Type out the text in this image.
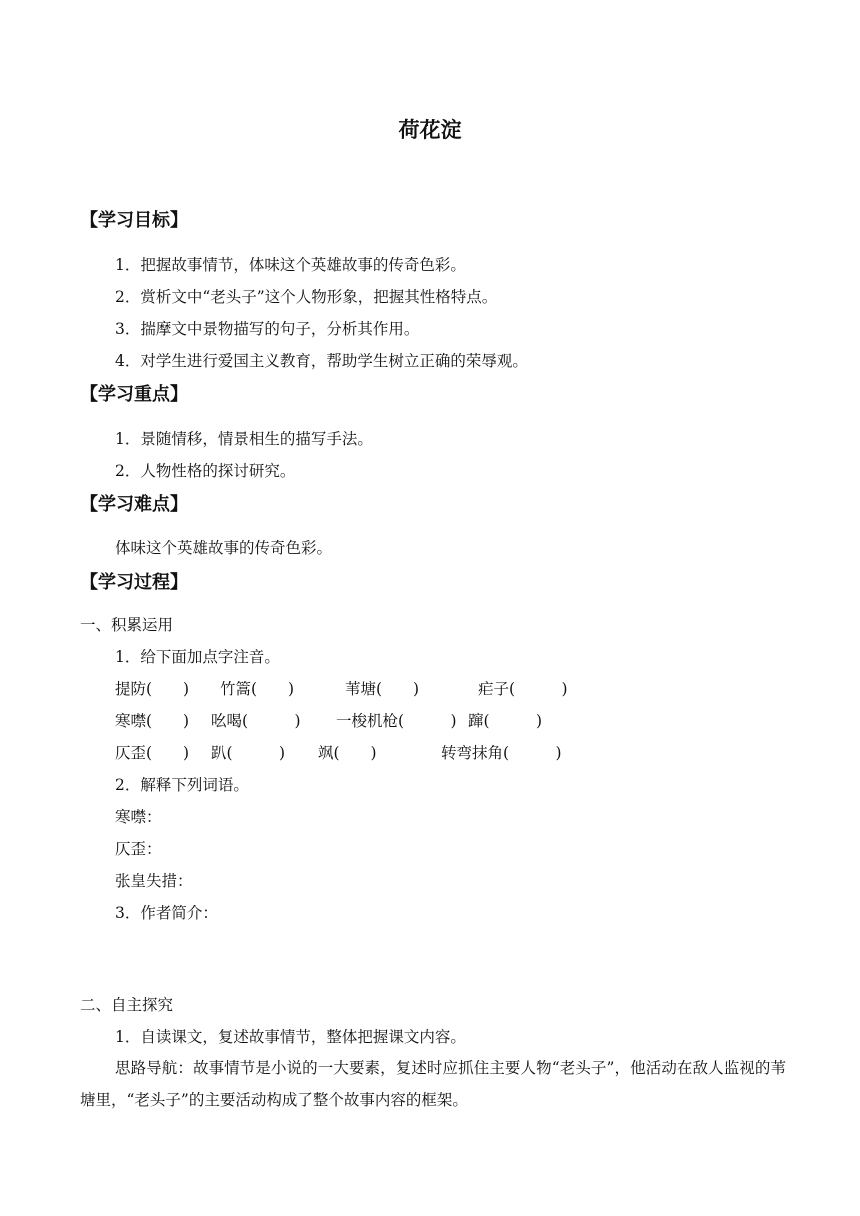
荷花淀
【学习目标】
1．把握故事情节，体味这个英雄故事的传奇色彩。
2．赏析文中“老头子”这个人物形象，把握其性格特点。
3．揣摩文中景物描写的句子，分析其作用。
4．对学生进行爱国主义教育，帮助学生树立正确的荣辱观。
【学习重点】
1．景随情移，情景相生的描写手法。
2．人物性格的探讨研究。
【学习难点】
体味这个英雄故事的传奇色彩。
【学习过程】
一、积累运用
1．给下面加点字注音。
提防(　　) 竹篙(　　)	苇塘(　　)	疟子(　　　)
寒噤(　　) 吆喝(　　　) 一梭机枪(　　　) 蹿(　　　)
仄歪(　　) 趴(　　　) 飒(　　)	转弯抹角(　　　)
2．解释下列词语。
寒噤：
仄歪：
张皇失措：
3．作者简介：
二、自主探究
1．自读课文，复述故事情节，整体把握课文内容。
思路导航：故事情节是小说的一大要素，复述时应抓住主要人物“老头子”，他活动在敌人监视的苇塘里，“老头子”的主要活动构成了整个故事内容的框架。
